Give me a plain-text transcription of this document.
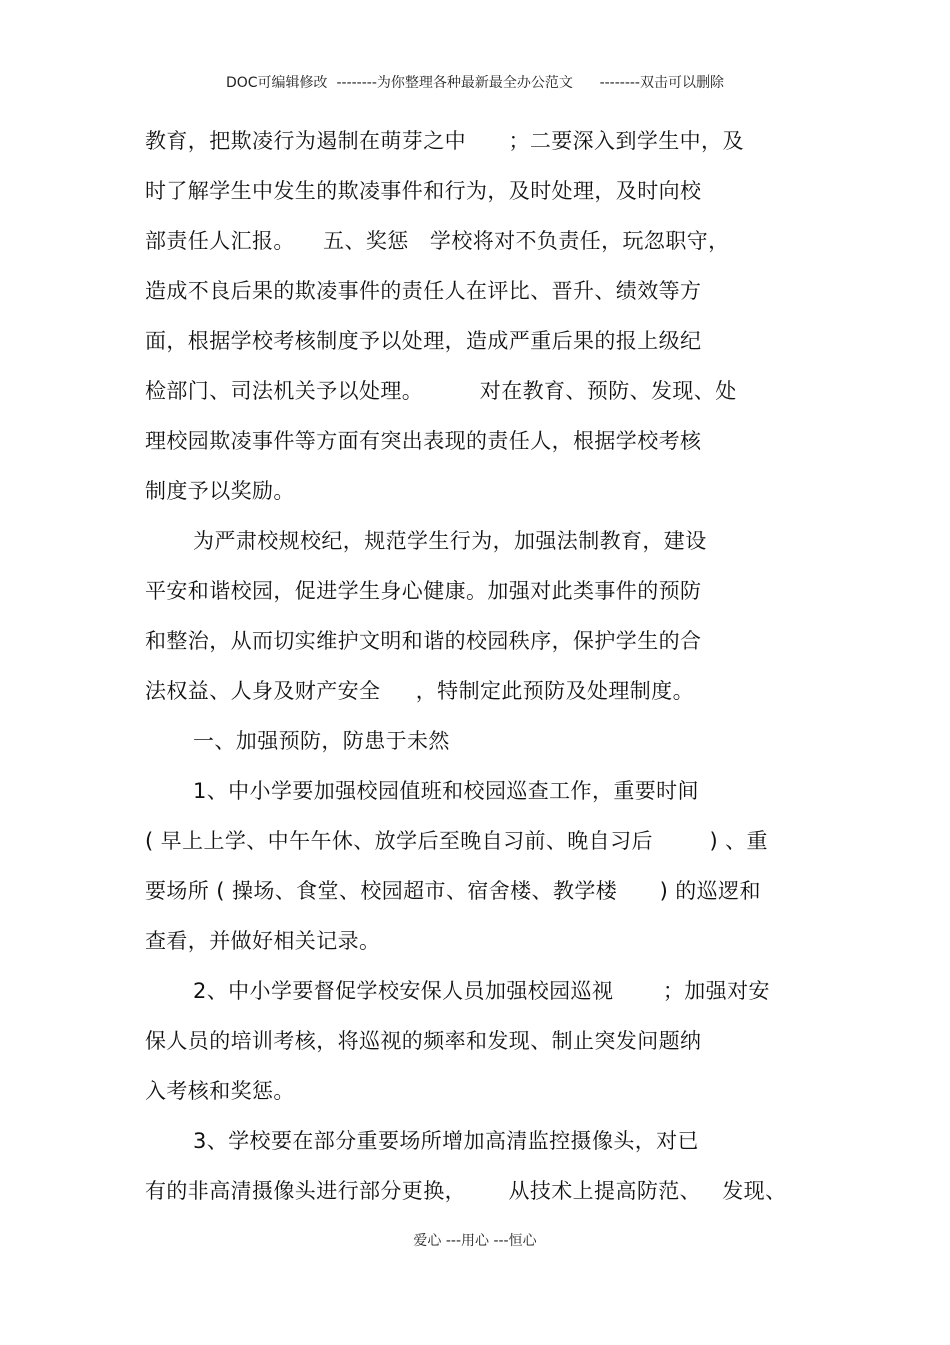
DOC可编辑修改  --------为你整理各种最新最全办公范文      --------双击可以删除
教育，把欺凌行为遏制在萌芽之中      ；二要深入到学生中，及
时了解学生中发生的欺凌事件和行为，及时处理，及时向校
部责任人汇报。    五、奖惩   学校将对不负责任，玩忽职守，
造成不良后果的欺凌事件的责任人在评比、晋升、绩效等方
面，根据学校考核制度予以处理，造成严重后果的报上级纪
检部门、司法机关予以处理。        对在教育、预防、发现、处
理校园欺凌事件等方面有突出表现的责任人，根据学校考核
制度予以奖励。
为严肃校规校纪，规范学生行为，加强法制教育，建设
平安和谐校园，促进学生身心健康。加强对此类事件的预防
和整治，从而切实维护文明和谐的校园秩序，保护学生的合
法权益、人身及财产安全     ，特制定此预防及处理制度。
一、加强预防，防患于未然
1、中小学要加强校园值班和校园巡查工作，重要时间
( 早上上学、中午午休、放学后至晚自习前、晚自习后        ) 、重
要场所 ( 操场、食堂、校园超市、宿舍楼、教学楼      ) 的巡逻和
查看，并做好相关记录。
2、中小学要督促学校安保人员加强校园巡视       ；加强对安
保人员的培训考核，将巡视的频率和发现、制止突发问题纳
入考核和奖惩。
3、学校要在部分重要场所增加高清监控摄像头，对已
有的非高清摄像头进行部分更换，      从技术上提高防范、   发现、
爱心 ---用心 ---恒心
